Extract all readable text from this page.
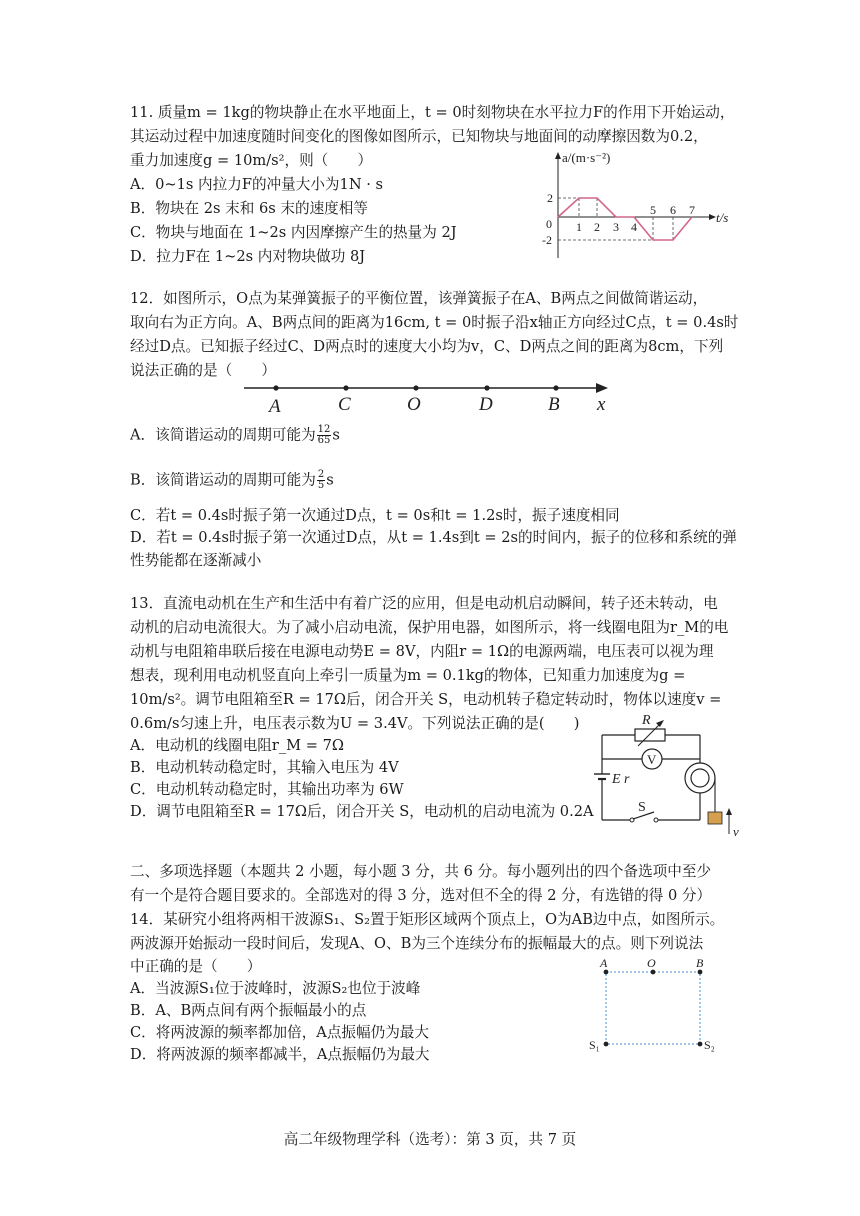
11. 质量m = 1kg的物块静止在水平地面上，t = 0时刻物块在水平拉力F的作用下开始运动，
其运动过程中加速度随时间变化的图像如图所示，已知物块与地面间的动摩擦因数为0.2，
重力加速度g = 10m/s²，则（　　）
A．0~1s 内拉力F的冲量大小为1N · s
B．物块在 2s 末和 6s 末的速度相等
C．物块与地面在 1~2s 内因摩擦产生的热量为 2J
D．拉力F在 1~2s 内对物块做功 8J
a/(m·s⁻²)
t/s
0
2
-2
1 2 3 4
5 6 7
12．如图所示，O点为某弹簧振子的平衡位置，该弹簧振子在A、B两点之间做简谐运动，
取向右为正方向。A、B两点间的距离为16cm, t = 0时振子沿x轴正方向经过C点，t = 0.4s时
经过D点。已知振子经过C、D两点时的速度大小均为v，C、D两点之间的距离为8cm，下列
说法正确的是（　　）
A	C	O	D	B x
A．该简谐运动的周期可能为 $\frac{12}{65}$ s
B．该简谐运动的周期可能为 $\frac{2}{5}$ s
C．若t = 0.4s时振子第一次通过D点，t = 0s和t = 1.2s时，振子速度相同
D．若t = 0.4s时振子第一次通过D点，从t = 1.4s到t = 2s的时间内，振子的位移和系统的弹
性势能都在逐渐减小
13．直流电动机在生产和生活中有着广泛的应用，但是电动机启动瞬间，转子还未转动，电
动机的启动电流很大。为了减小启动电流，保护用电器，如图所示，将一线圈电阻为r_M的电
动机与电阻箱串联后接在电源电动势E = 8V，内阻r = 1Ω的电源两端，电压表可以视为理
想表，现利用电动机竖直向上牵引一质量为m = 0.1kg的物体，已知重力加速度为g =
10m/s²。调节电阻箱至R = 17Ω后，闭合开关 S，电动机转子稳定转动时，物体以速度v =
0.6m/s匀速上升，电压表示数为U = 3.4V。下列说法正确的是(　　)
A．电动机的线圈电阻r_M = 7Ω
B．电动机转动稳定时，其输入电压为 4V
C．电动机转动稳定时，其输出功率为 6W
D．调节电阻箱至R = 17Ω后，闭合开关 S，电动机的启动电流为 0.2A
R
V
E r
S
v
二、多项选择题（本题共 2 小题，每小题 3 分，共 6 分。每小题列出的四个备选项中至少
有一个是符合题目要求的。全部选对的得 3 分，选对但不全的得 2 分，有选错的得 0 分）
14．某研究小组将两相干波源S₁、S₂置于矩形区域两个顶点上，O为AB边中点，如图所示。
两波源开始振动一段时间后，发现A、O、B为三个连续分布的振幅最大的点。则下列说法
中正确的是（　　）
A．当波源S₁位于波峰时，波源S₂也位于波峰
B．A、B两点间有两个振幅最小的点
C．将两波源的频率都加倍，A点振幅仍为最大
D．将两波源的频率都减半，A点振幅仍为最大
A	O	B
S₁	S₂
高二年级物理学科（选考）：第 3 页，共 7 页
